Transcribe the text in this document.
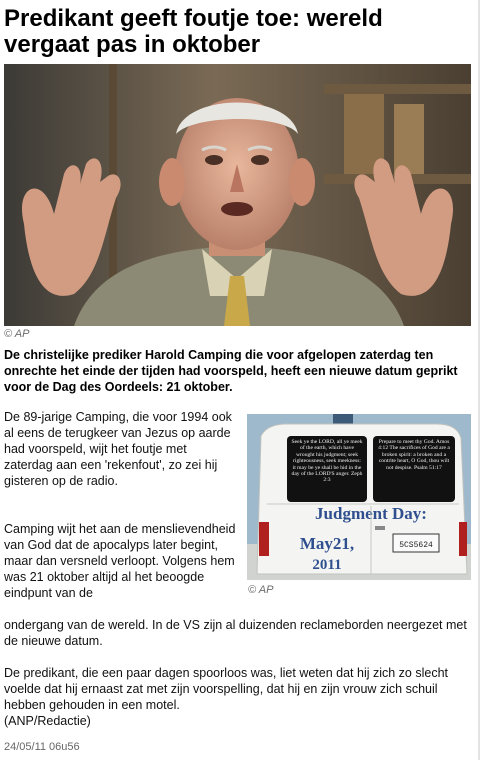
Predikant geeft foutje toe: wereld vergaat pas in oktober
© AP

De christelijke prediker Harold Camping die voor afgelopen zaterdag ten onrechte het einde der tijden had voorspeld, heeft een nieuwe datum geprikt voor de Dag des Oordeels: 21 oktober.

De 89-jarige Camping, die voor 1994 ook al eens de terugkeer van Jezus op aarde had voorspeld, wijt het foutje met zaterdag aan een 'rekenfout', zo zei hij gisteren op de radio.

Camping wijt het aan de menslievendheid van God dat de apocalyps later begint, maar dan versneld verloopt. Volgens hem was 21 oktober altijd al het beoogde eindpunt van de

ondergang van de wereld. In de VS zijn al duizenden reclameborden neergezet met de nieuwe datum.

De predikant, die een paar dagen spoorloos was, liet weten dat hij zich zo slecht voelde dat hij ernaast zat met zijn voorspelling, dat hij en zijn vrouw zich schuil hebben gehouden in een motel.

(ANP/Redactie)

Seek ye the LORD, all ye meek of the earth, which have wrought his judgment; seek righteousness, seek meekness: it may be ye shall be hid in the day of the LORD'S anger. Zeph 2:3
Prepare to meet thy God. Amos 4:12 The sacrifices of God are a broken spirit: a broken and a contrite heart, O God, thou wilt not despise. Psalm 51:17
Judgment Day:
May21,
2011
5CS5624
© AP
24/05/11 06u56
